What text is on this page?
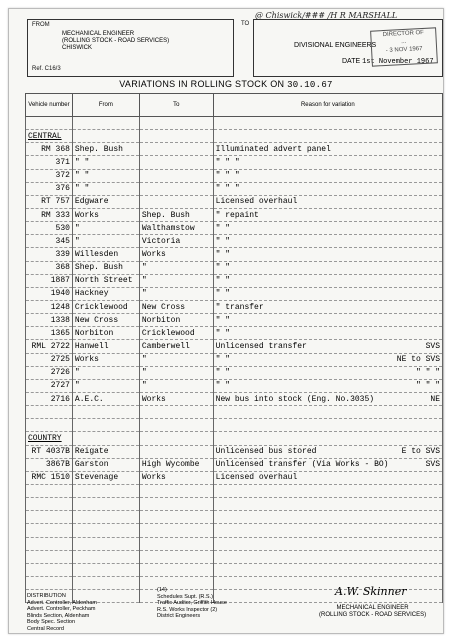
FROM
MECHANICAL ENGINEER
(ROLLING STOCK - ROAD SERVICES)
CHISWICK
Ref. C16/3
TO
DIVISIONAL ENGINEERS
DATE 1st November 1967
@ Chiswick/### /H R MARSHALL
DIRECTOR OF
...
- 3 NOV 1967
VARIATIONS IN ROLLING STOCK ON 30.10.67
Vehicle number	From	To	Reason for variation

CENTRAL			

RM 368	Shep. Bush		Illuminated advert panel

371	" "		" " "

372	" "		" " "

376	" "		" " "

RT 757	Edgware		Licensed overhaul

RM 333	Works	Shep. Bush	" repaint

530	"	Walthamstow	" "

345	"	Victoria	" "

339	Willesden	Works	" "

368	Shep. Bush	"	" "

1887	North Street	"	" "

1940	Hackney	"	" "

1248	Cricklewood	New Cross	" transfer

1338	New Cross	Norbiton	" "

1365	Norbiton	Cricklewood	" "

RML 2722	Hanwell	Camberwell	Unlicensed transfer SVS

2725	Works	"	" " NE to SVS

2726	"	"	" " " " "

2727	"	"	" " " " "

2716	A.E.C.	Works	New bus into stock (Eng. No.3035) NE

COUNTRY			

RT 4037B	Reigate		Unlicensed bus stored E to SVS

3867B	Garston	High Wycombe	Unlicensed transfer (Via Works - BO) SVS

RMC 1510	Stevenage	Works	Licensed overhaul

DISTRIBUTION
Advert. Controller, Aldenham
Advert. Controller, Peckham
Blinds Section, Aldenham
Body Spec. Section
Central Record
(14)
Schedules Supt. (R.S.)
Traffic Auditor, Griffith House
R.S. Works Inspector (2)
District Engineers
A.W. Skinner
MECHANICAL ENGINEER
(ROLLING STOCK - ROAD SERVICES)
